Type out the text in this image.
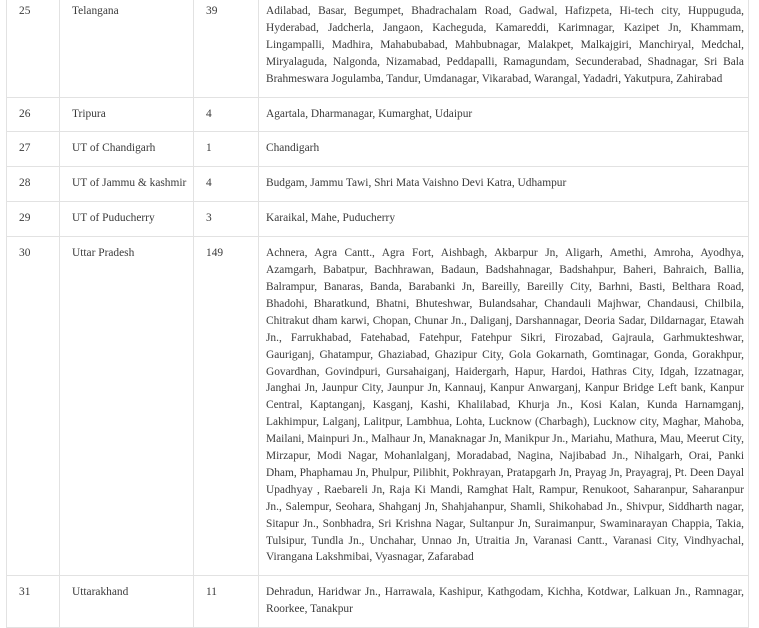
25	Telangana	39	Adilabad, Basar, Begumpet, Bhadrachalam Road, Gadwal, Hafizpeta, Hi-tech city, Huppuguda, Hyderabad, Jadcherla, Jangaon, Kacheguda, Kamareddi, Karimnagar, Kazipet Jn, Khammam, Lingampalli, Madhira, Mahabubabad, Mahbubnagar, Malakpet, Malkajgiri, Manchiryal, Medchal, Miryalaguda, Nalgonda, Nizamabad, Peddapalli, Ramagundam, Secunderabad, Shadnagar, Sri Bala Brahmeswara Jogulamba, Tandur, Umdanagar, Vikarabad, Warangal, Yadadri, Yakutpura, Zahirabad
26	Tripura	4	Agartala, Dharmanagar, Kumarghat, Udaipur
27	UT of Chandigarh	1	Chandigarh
28	UT of Jammu & kashmir	4	Budgam, Jammu Tawi, Shri Mata Vaishno Devi Katra, Udhampur
29	UT of Puducherry	3	Karaikal, Mahe, Puducherry
30	Uttar Pradesh	149	Achnera, Agra Cantt., Agra Fort, Aishbagh, Akbarpur Jn, Aligarh, Amethi, Amroha, Ayodhya, Azamgarh, Babatpur, Bachhrawan, Badaun, Badshahnagar, Badshahpur, Baheri, Bahraich, Ballia, Balrampur, Banaras, Banda, Barabanki Jn, Bareilly, Bareilly City, Barhni, Basti, Belthara Road, Bhadohi, Bharatkund, Bhatni, Bhuteshwar, Bulandsahar, Chandauli Majhwar, Chandausi, Chilbila, Chitrakut dham karwi, Chopan, Chunar Jn., Daliganj, Darshannagar, Deoria Sadar, Dildarnagar, Etawah Jn., Farrukhabad, Fatehabad, Fatehpur, Fatehpur Sikri, Firozabad, Gajraula, Garhmukteshwar, Gauriganj, Ghatampur, Ghaziabad, Ghazipur City, Gola Gokarnath, Gomtinagar, Gonda, Gorakhpur, Govardhan, Govindpuri, Gursahaiganj, Haidergarh, Hapur, Hardoi, Hathras City, Idgah, Izzatnagar, Janghai Jn, Jaunpur City, Jaunpur Jn, Kannauj, Kanpur Anwarganj, Kanpur Bridge Left bank, Kanpur Central, Kaptanganj, Kasganj, Kashi, Khalilabad, Khurja Jn., Kosi Kalan, Kunda Harnamganj, Lakhimpur, Lalganj, Lalitpur, Lambhua, Lohta, Lucknow (Charbagh), Lucknow city, Maghar, Mahoba, Mailani, Mainpuri Jn., Malhaur Jn, Manaknagar Jn, Manikpur Jn., Mariahu, Mathura, Mau, Meerut City, Mirzapur, Modi Nagar, Mohanlalganj, Moradabad, Nagina, Najibabad Jn., Nihalgarh, Orai, Panki Dham, Phaphamau Jn, Phulpur, Pilibhit, Pokhrayan, Pratapgarh Jn, Prayag Jn, Prayagraj, Pt. Deen Dayal Upadhyay , Raebareli Jn, Raja Ki Mandi, Ramghat Halt, Rampur, Renukoot, Saharanpur, Saharanpur Jn., Salempur, Seohara, Shahganj Jn, Shahjahanpur, Shamli, Shikohabad Jn., Shivpur, Siddharth nagar, Sitapur Jn., Sonbhadra, Sri Krishna Nagar, Sultanpur Jn, Suraimanpur, Swaminarayan Chappia, Takia, Tulsipur, Tundla Jn., Unchahar, Unnao Jn, Utraitia Jn, Varanasi Cantt., Varanasi City, Vindhyachal, Virangana Lakshmibai, Vyasnagar, Zafarabad
31	Uttarakhand	11	Dehradun, Haridwar Jn., Harrawala, Kashipur, Kathgodam, Kichha, Kotdwar, Lalkuan Jn., Ramnagar, Roorkee, Tanakpur
